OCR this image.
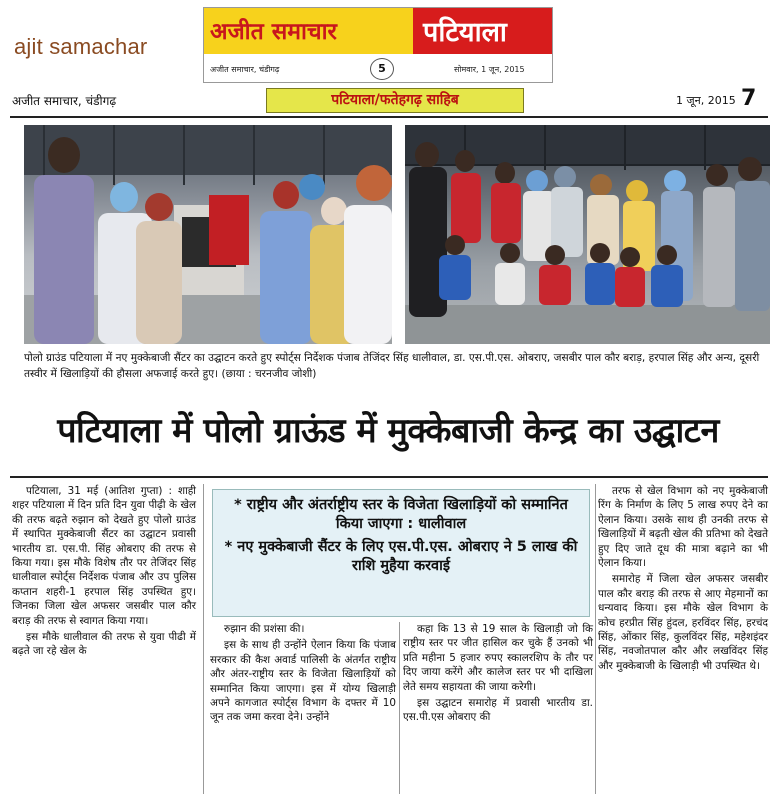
ajit samachar
अजीत समाचार	पटियाला
अजीत समाचार, चंडीगढ़	5	सोमवार, 1 जून, 2015
अजीत समाचार, चंडीगढ़	पटियाला/फतेहगढ़ साहिब	1 जून, 2015 7
पोलो ग्राउंड पटियाला में नए मुक्केबाजी सैंटर का उद्घाटन करते हुए स्पोर्ट्स निर्देशक पंजाब तेजिंदर सिंह धालीवाल, डा. एस.पी.एस. ओबराए, जसबीर पाल कौर बराड़, हरपाल सिंह और अन्य, दूसरी तस्वीर में खिलाड़ियों की हौसला अफजाई करते हुए। (छाया : चरनजीव जोशी)
पटियाला में पोलो ग्राऊंड में मुक्केबाजी केन्द्र का उद्घाटन

पटियाला, 31 मई (आतिश गुप्ता) : शाही शहर पटियाला में दिन प्रति दिन युवा पीढ़ी के खेल की तरफ बढ़ते रुझान को देखते हुए पोलो ग्राउंड में स्थापित मुक्केबाजी सैंटर का उद्घाटन प्रवासी भारतीय डा. एस.पी. सिंह ओबराए की तरफ से किया गया। इस मौके विशेष तौर पर तेजिंदर सिंह धालीवाल स्पोर्ट्स निर्देशक पंजाब और उप पुलिस कप्तान शहरी-1 हरपाल सिंह उपस्थित हुए। जिनका जिला खेल अफसर जसबीर पाल कौर बराड़ की तरफ से स्वागत किया गया।

इस मौके धालीवाल की तरफ से युवा पीढी में बढ़ते जा रहे खेल के

* राष्ट्रीय और अंतर्राष्ट्रीय स्तर के विजेता खिलाड़ियों को सम्मानित किया जाएगा : धालीवाल

* नए मुक्केबाजी सैंटर के लिए एस.पी.एस. ओबराए ने 5 लाख की राशि मुहैया करवाई

रुझान की प्रशंसा की।

इस के साथ ही उन्होंने ऐलान किया कि पंजाब सरकार की कैश अवार्ड पालिसी के अंतर्गत राष्ट्रीय और अंतर-राष्ट्रीय स्तर के विजेता खिलाड़ियों को सम्मानित किया जाएगा। इस में योग्य खिलाड़ी अपने कागजात स्पोर्ट्स विभाग के दफ्तर में 10 जून तक जमा करवा देने। उन्होंने

कहा कि 13 से 19 साल के खिलाड़ी जो कि राष्ट्रीय स्तर पर जीत हासिल कर चुके हैं उनको भी प्रति महीना 5 हजार रुपए स्कालरशिप के तौर पर दिए जाया करेंगे और कालेज स्तर पर भी दाखिला लेते समय सहायता की जाया करेगी।

इस उद्घाटन समारोह में प्रवासी भारतीय डा. एस.पी.एस ओबराए की

तरफ से खेल विभाग को नए मुक्केबाजी रिंग के निर्माण के लिए 5 लाख रुपए देने का ऐलान किया। उसके साथ ही उनकी तरफ से खिलाड़ियों में बढ़ती खेल की प्रतिभा को देखते हुए दिए जाते दूध की मात्रा बढ़ाने का भी ऐलान किया।

समारोह में जिला खेल अफसर जसबीर पाल कौर बराड़ की तरफ से आए मेहमानों का धन्यवाद किया। इस मौके खेल विभाग के कोच हरप्रीत सिंह हुंदल, हरविंदर सिंह, हरचंद सिंह, ओंकार सिंह, कुलविंदर सिंह, महेशइंदर सिंह, नवजोतपाल कौर और लखविंदर सिंह और मुक्केबाजी के खिलाड़ी भी उपस्थित थे।
